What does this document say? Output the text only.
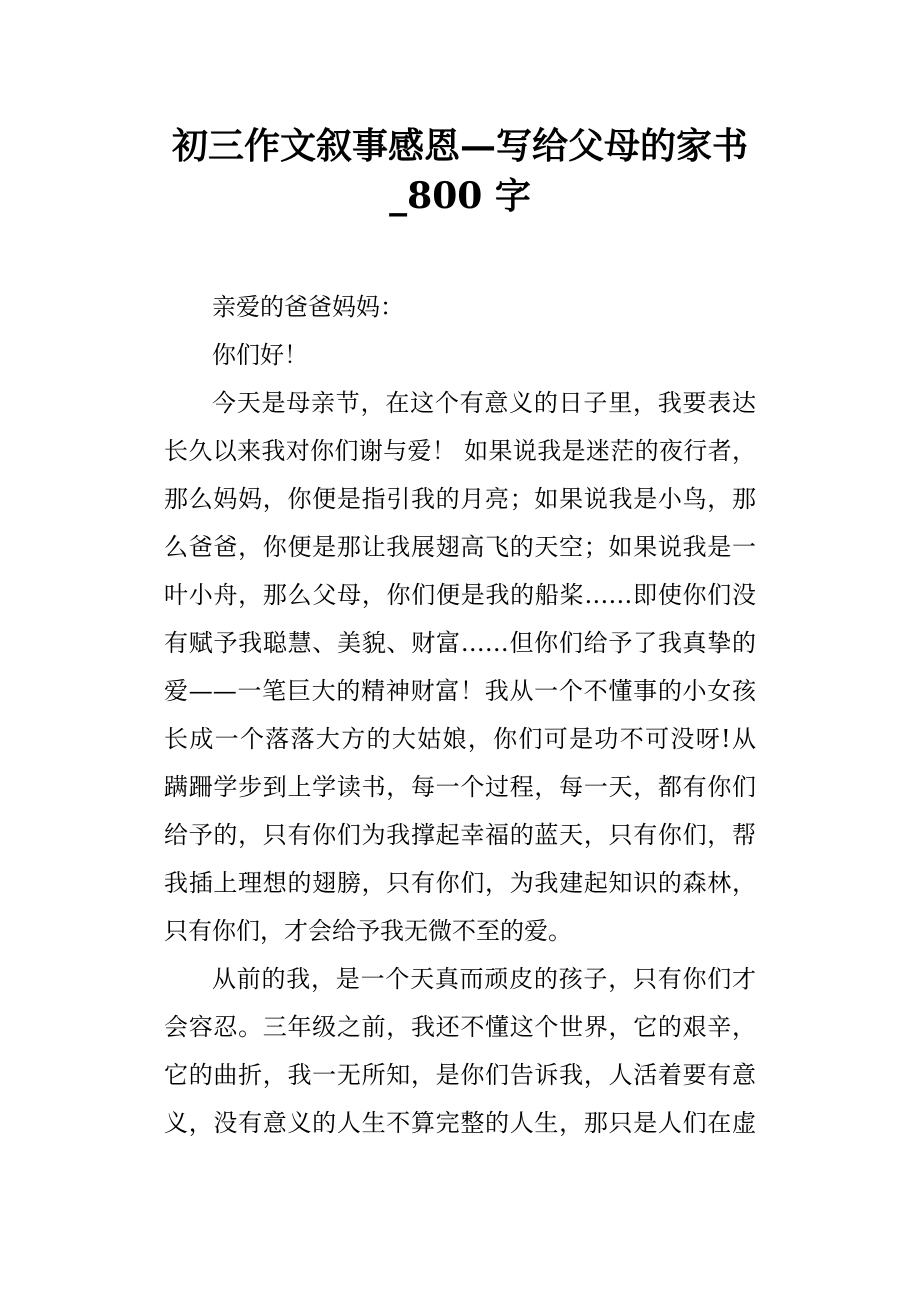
初三作文叙事感恩—写给父母的家书
_800 字
亲爱的爸爸妈妈：
你们好！
今天是母亲节，在这个有意义的日子里，我要表达
长久以来我对你们谢与爱！ 如果说我是迷茫的夜行者，
那么妈妈，你便是指引我的月亮；如果说我是小鸟，那
么爸爸，你便是那让我展翅高飞的天空；如果说我是一
叶小舟，那么父母，你们便是我的船桨……即使你们没
有赋予我聪慧、美貌、财富……但你们给予了我真挚的
爱——一笔巨大的精神财富！我从一个不懂事的小女孩
长成一个落落大方的大姑娘，你们可是功不可没呀!从
蹒跚学步到上学读书，每一个过程，每一天，都有你们
给予的，只有你们为我撑起幸福的蓝天，只有你们，帮
我插上理想的翅膀，只有你们，为我建起知识的森林，
只有你们，才会给予我无微不至的爱。
从前的我，是一个天真而顽皮的孩子，只有你们才
会容忍。三年级之前，我还不懂这个世界，它的艰辛，
它的曲折，我一无所知，是你们告诉我，人活着要有意
义，没有意义的人生不算完整的人生，那只是人们在虚
